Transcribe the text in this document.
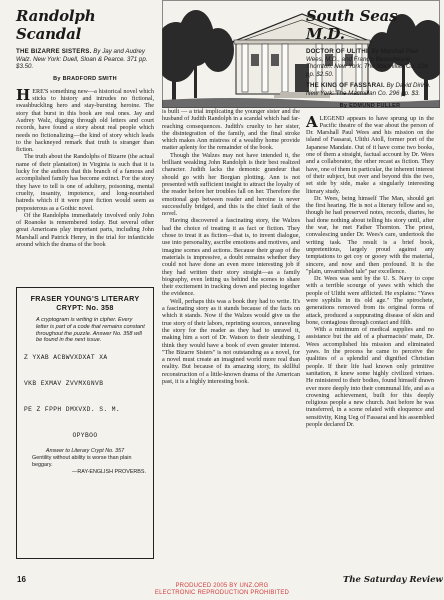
Randolph Scandal
THE BIZARRE SISTERS. By Jay and Audrey Walz. New York: Duell, Sloan & Pearce. 371 pp. $3.50.
By BRADFORD SMITH

HERE'S something new—a historical novel which sticks to history and intrudes no fictional, swashbuckling hero and stay-bursting heroine. The story that burst in this book are real ones. Jay and Audrey Walz, digging through old letters and court records, have found a story about real people which needs no fictionalizing—the kind of story which leads to the hackneyed remark that truth is stranger than fiction.

The truth about the Randolphs of Bizarre (the actual name of their plantation) in Virginia is such that it is lucky for the authors that this branch of a famous and accomplished family has become extinct. For the story they have to tell is one of adultery, poisoning, mental cruelty, insanity, impotence, and long-nourished hatreds which if it were pure fiction would seem as preposterous as a Gothic novel.

Of the Randolphs immediately involved only John of Roanoke is remembered today. But several other great Americans play important parts, including John Marshall and Patrick Henry, in the trial for infanticide around which the drama of the book

FRASER YOUNG'S LITERARY CRYPT: No. 358
A cryptogram is writing in cipher. Every letter is part of a code that remains constant throughout the puzzle. Answer No. 358 will be found in the next issue.
Z YXAB ACBWVXDXAT XA
VKB EXMAV ZVVMXGNVB
PE Z FPPH DMXVXD. S. M.
OPYBOO
Answer to Literary Crypt No. 357
Gentility without ability is worse than plain beggary.
—RAY-ENGLISH PROVERBS.

is built — a trial implicating the younger sister and the husband of Judith Randolph in a scandal which had far-reaching consequences. Judith's cruelty to her sister, the disintegration of the family, and the final stroke which makes Ann mistress of a wealthy home provide matter aplenty for the remainder of the book.

Though the Walzes may not have intended it, the brilliant weakling John Randolph is their best realized character. Judith lacks the demonic grandeur that should go with her Borgian plotting. Ann is not presented with sufficient insight to attract the loyalty of the reader before her troubles fall on her. Therefore the emotional gap between reader and heroine is never successfully bridged, and this is the chief fault of the novel.

Having discovered a fascinating story, the Walzes had the choice of treating it as fact or fiction. They chose to treat it as fiction—that is, to invent dialogue, use into personality, ascribe emotions and motives, and imagine scenes and actions. Because their grasp of the materials is impressive, a doubt remains whether they could not have done an even more interesting job if they had written their story straight—as a family biography, even letting us behind the scenes to share their excitement in tracking down and piecing together the evidence.

Well, perhaps this was a book they had to write. It's a fascinating story as it stands because of the facts on which it stands. Now if the Walzes would give us the true story of their labors, reprinting sources, unraveling the story for the reader as they had to unravel it, making him a sort of Dr. Watson to their sleuthing, I think they would have a book of even greater interest. "The Bizarre Sisters" is not outstanding as a novel, for a novel must create an imagined world more real than reality. But because of its amazing story, its skillful reconstruction of a little-known drama of the American past, it is a highly interesting book.

South Seas M.D.
DOCTOR OF ULITHI. By Marshall Paul Wees, M.D., and Francis Beauchesne Thornton. New York: The Macmillan Co. 128 pp. $2.50.
THE KING OF FASSARAI. By David Dirine. New York: The Macmillan Co. 296 pp. $3.
By EDMUND FULLER

ALEGEND appears to have sprung up in the Pacific theatre of the war about the person of Dr. Marshall Paul Wees and his mission on the island of Fassarai, Ulithi Atoll, former port of the Japanese Mandate. Out of it have come two books, one of them a straight, factual account by Dr. Wees and a collaborator, the other recast as fiction. They have, one of them in particular, the inherent interest of their subject, but over and beyond this the two, set side by side, make a singularly interesting literary study.

Dr. Wees, being himself The Man, should get the first hearing. He is not a literary fellow and so, though he had preserved notes, records, diaries, he had done nothing about telling his story until, after the war, he met Father Thornton. The priest, convalescing under Dr. Wees's care, undertook the writing task. The result is a brief book, unpretentious, largely proud against any temptations to get coy or gooey with the material, sincere, and now and then profound. It is the "plain, unvarnished tale" par excellence.

Dr. Wees was sent by the U. S. Navy to cope with a terrible scourge of yaws with which the people of Ulithi were afflicted. He explains: "Yaws were syphilis in its old age." The spirochete, generations removed from its original forms of attack, produced a suppurating disease of skin and bone, contagious through contact and filth.

With a minimum of medical supplies and no assistance but the aid of a pharmacists' mate, Dr. Wees accomplished his mission and eliminated yaws. In the process he came to perceive the qualities of a splendid and dignified Christian people. If their life had known only primitive sanitation, it knew some highly civilized virtues. He ministered to their bodies, found himself drawn ever more deeply into their communal life, and as a crowning achievement, built for this deeply religious people a new church. Just before he was transferred, in a scene related with eloquence and sensitivity, King Ueg of Fassarai and his assembled people declared Dr.

16	The Saturday Review
PRODUCED 2005 BY UNZ.ORG
ELECTRONIC REPRODUCTION PROHIBITED
